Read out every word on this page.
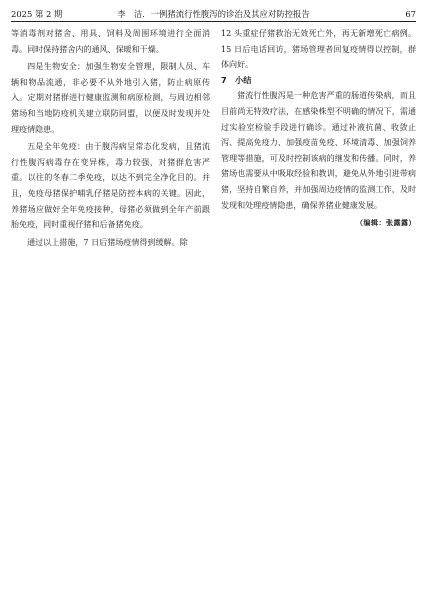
2025 第 2 期	李　洁．一例猪流行性腹泻的诊治及其应对防控报告	67

等消毒剂对猪舍、用具、饲料及周围环境进行全面消毒。同时保持猪舍内的通风、保暖和干燥。

四是生物安全：加强生物安全管理，限制人员、车辆和物品流通，非必要不从外地引入猪，防止病原传入。定期对猪群进行健康监测和病原检测，与周边相邻猪场和当地防疫机关建立联防同盟，以便及时发现并处理疫情隐患。

五是全年免疫：由于腹泻病呈常态化发病，且猪流行性腹泻病毒存在变异株，毒力较强，对猪群危害严重。以往的冬春二季免疫，以达不到完全净化目的。并且，免疫母猪保护哺乳仔猪是防控本病的关键。因此，养猪场应做好全年免疫接种，母猪必须做到全年产前跟胎免疫，同时重视仔猪和后备猪免疫。

通过以上措施，7 日后猪场疫情得到缓解。除

12 头重症仔猪救治无效死亡外，再无新增死亡病例。15 日后电话回访，猪场管理者回复疫情得以控制，群体向好。

7 小结

猪流行性腹泻是一种危害严重的肠道传染病，而且目前尚无特效疗法，在感染株型不明确的情况下，需通过实验室检验手段进行确诊。通过补液抗菌、收敛止泻、提高免疫力、加强疫苗免疫、环境清毒、加强饲养管理等措施，可及时控制该病的继发和传播。同时，养猪场也需要从中吸取经验和教训，避免从外地引进带病猪，坚持自繁自养，并加强周边疫情的监测工作，及时发现和处理疫情隐患，确保养猪业健康发展。

（编辑：张露露）
